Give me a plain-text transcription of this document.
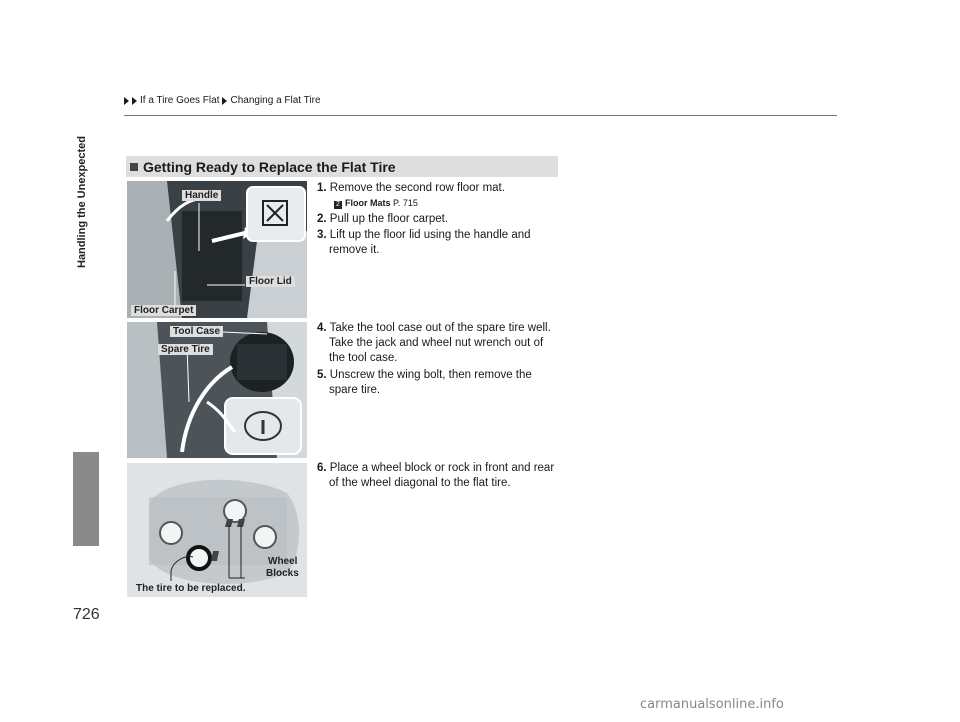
If a Tire Goes Flat Changing a Flat Tire
Handling the Unexpected
726
Getting Ready to Replace the Flat Tire
Handle
Floor Lid
Floor Carpet
Tool Case
Spare Tire
Wheel
Blocks
The tire to be replaced.
1. Remove the second row floor mat.
2 Floor Mats P. 715
2. Pull up the floor carpet.
3. Lift up the floor lid using the handle and
remove it.
4. Take the tool case out of the spare tire well.
Take the jack and wheel nut wrench out of
the tool case.
5. Unscrew the wing bolt, then remove the
spare tire.
6. Place a wheel block or rock in front and rear
of the wheel diagonal to the flat tire.
carmanualsonline.info
